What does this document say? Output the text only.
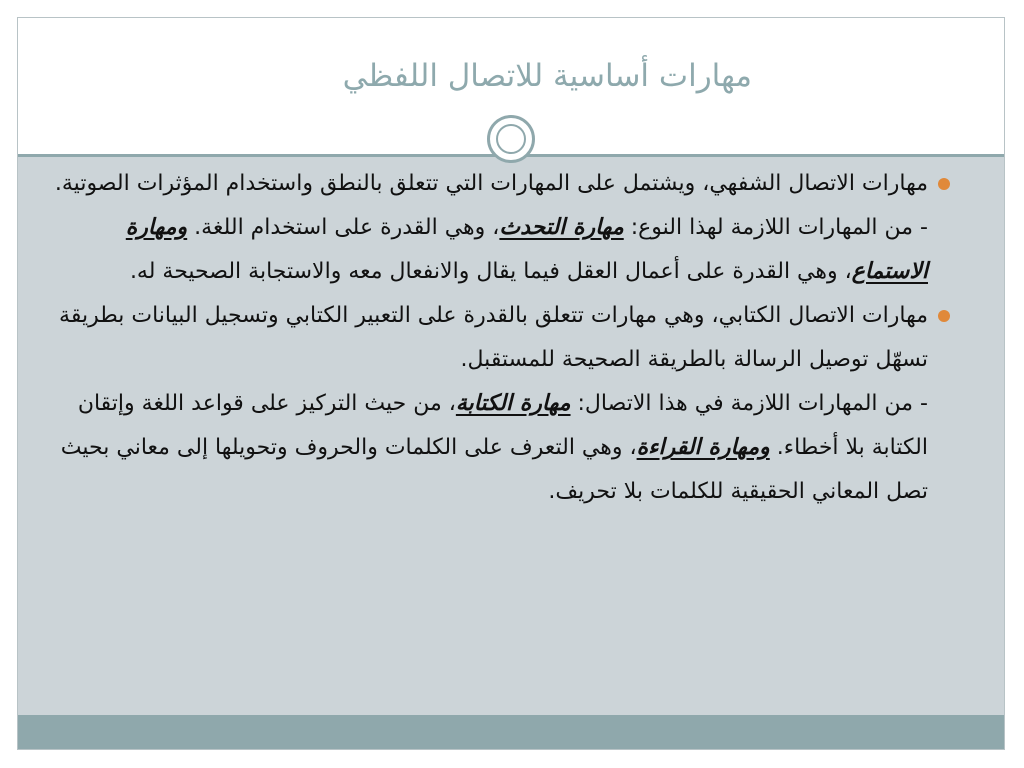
مهارات أساسية للاتصال اللفظي
مهارات الاتصال الشفهي، ويشتمل على المهارات التي تتعلق بالنطق واستخدام المؤثرات الصوتية.
- من المهارات اللازمة لهذا النوع: مهارة التحدث، وهي القدرة على استخدام اللغة. ومهارة الاستماع، وهي القدرة على أعمال العقل فيما يقال والانفعال معه والاستجابة الصحيحة له.
مهارات الاتصال الكتابي، وهي مهارات تتعلق بالقدرة على التعبير الكتابي وتسجيل البيانات بطريقة تسهّل توصيل الرسالة بالطريقة الصحيحة للمستقبل.
- من المهارات اللازمة في هذا الاتصال: مهارة الكتابة، من حيث التركيز على قواعد اللغة وإتقان الكتابة بلا أخطاء. ومهارة القراءة، وهي التعرف على الكلمات والحروف وتحويلها إلى معاني بحيث تصل المعاني الحقيقية للكلمات بلا تحريف.
